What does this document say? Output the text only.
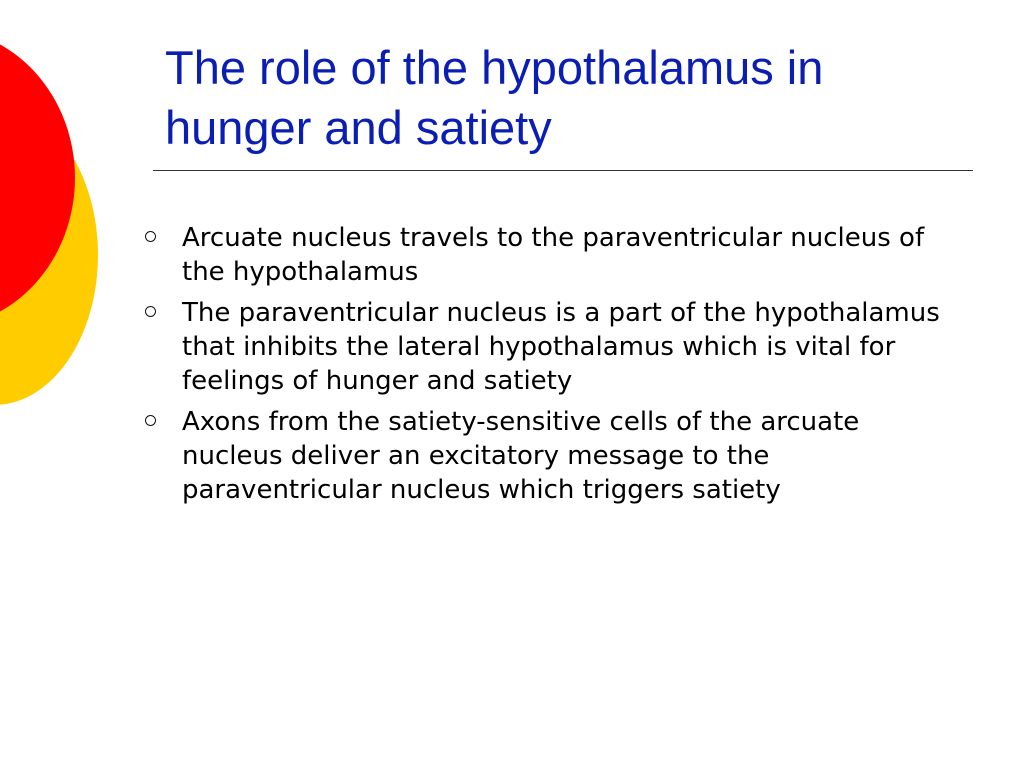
The role of the hypothalamus in hunger and satiety
Arcuate nucleus travels to the paraventricular nucleus of the hypothalamus
The paraventricular nucleus is a part of the hypothalamus that inhibits the lateral hypothalamus which is vital for feelings of hunger and satiety
Axons from the satiety-sensitive cells of the arcuate nucleus deliver an excitatory message to the paraventricular nucleus which triggers satiety
